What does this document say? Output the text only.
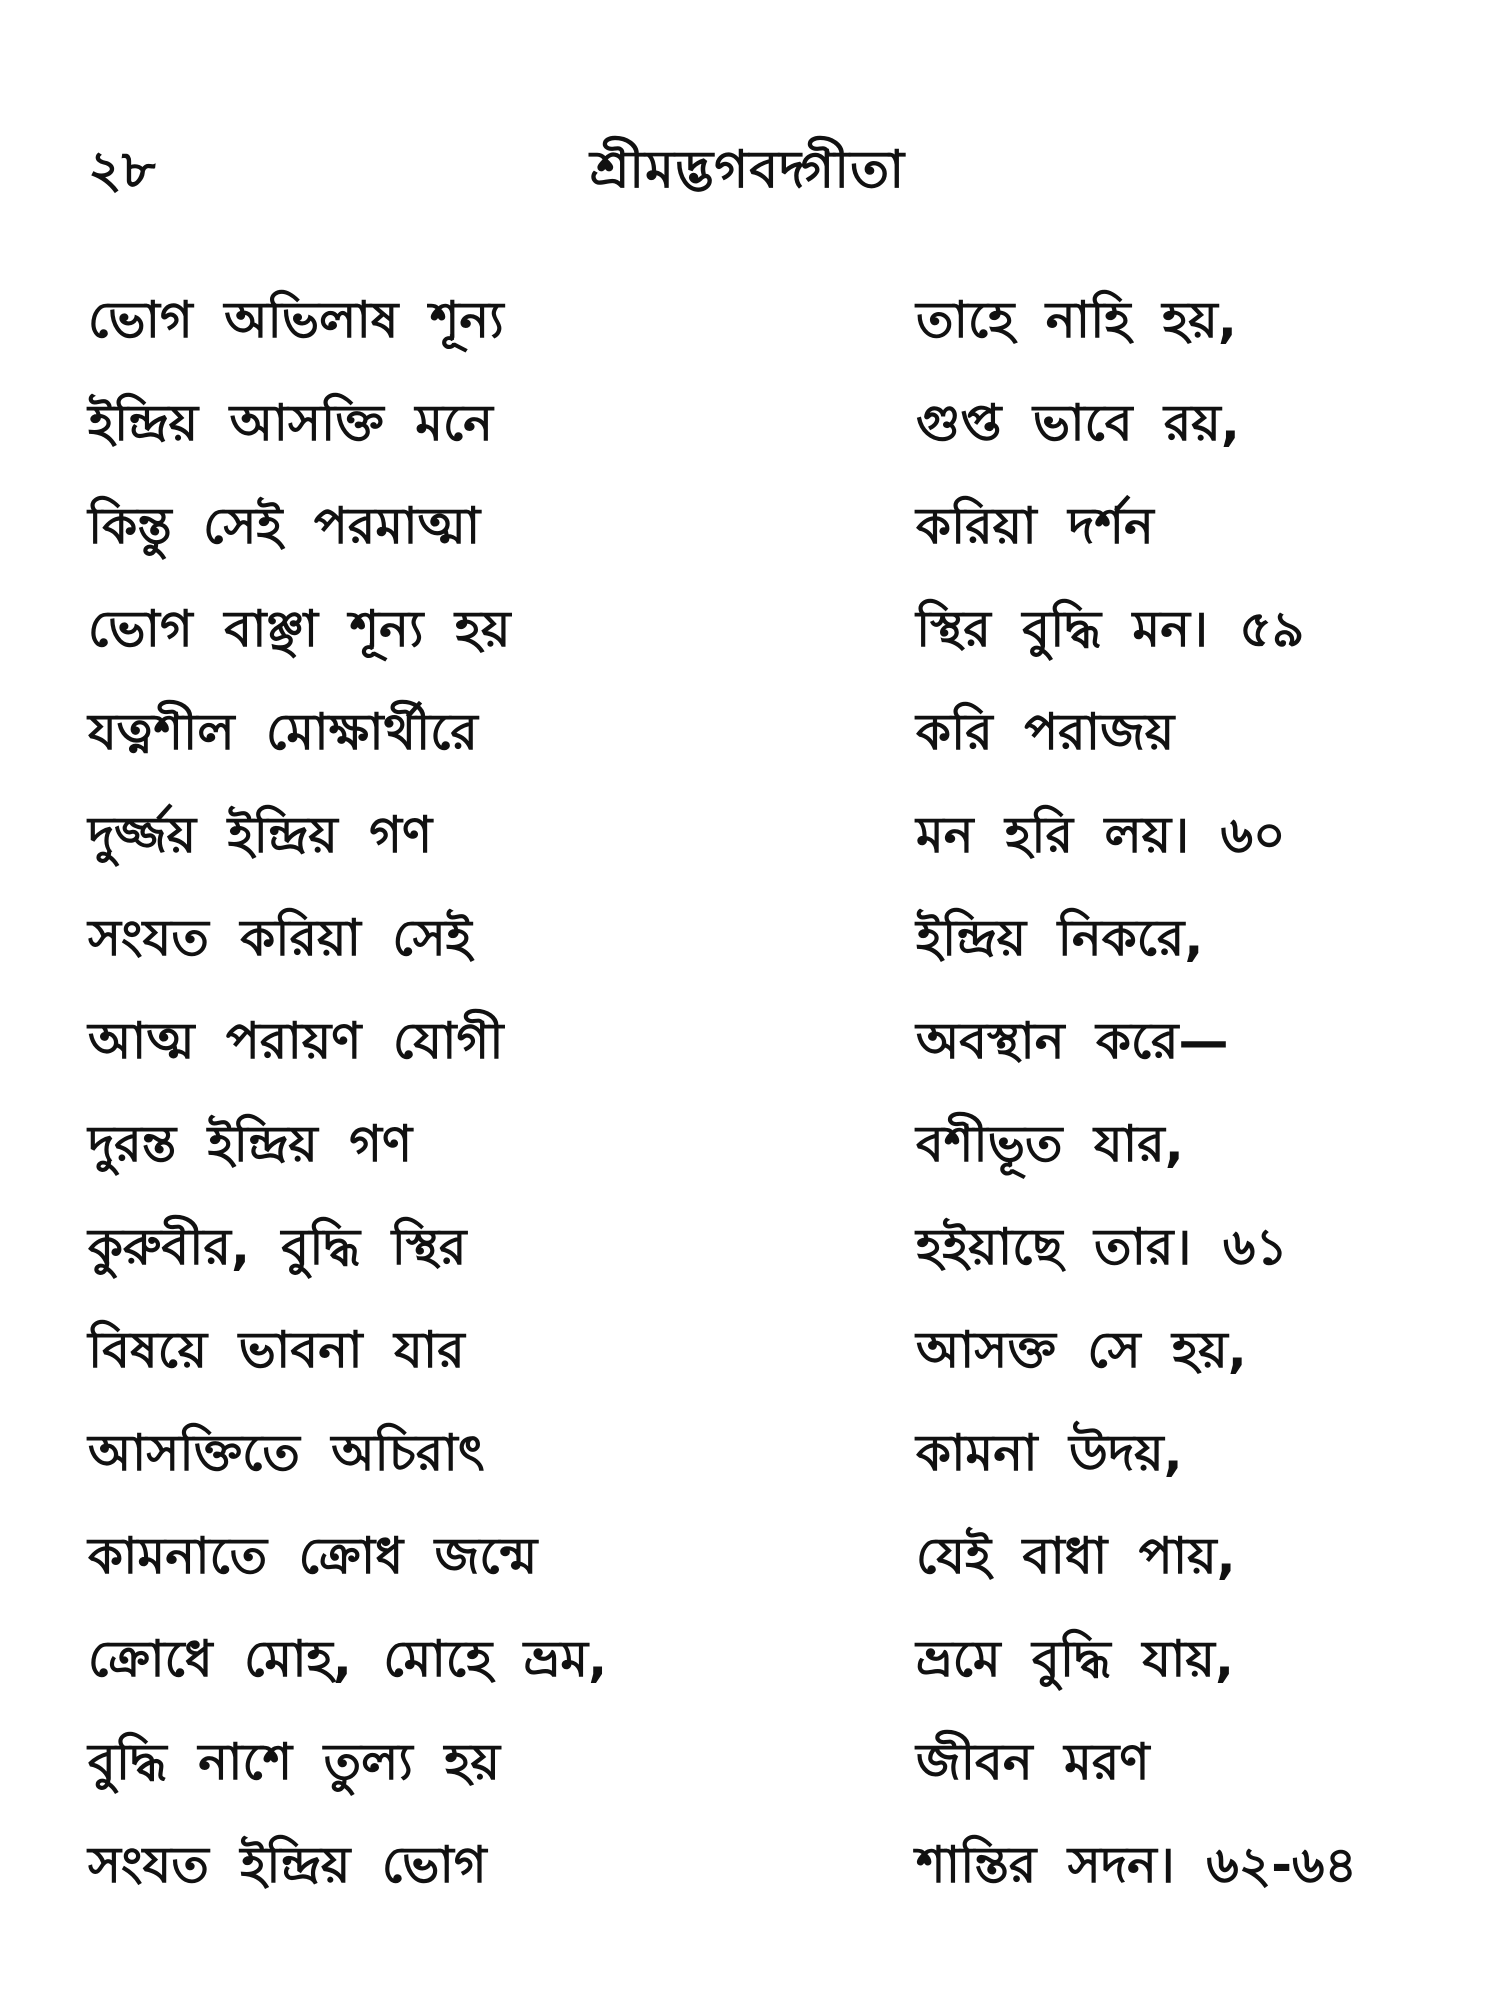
২৮	শ্রীমদ্ভগবদ্গীতা
ভোগ অভিলাষ শূন্য	তাহে নাহি হয়,
ইন্দ্রিয় আসক্তি মনে	গুপ্ত ভাবে রয়,
কিন্তু সেই পরমাত্মা	করিয়া দর্শন
ভোগ বাঞ্ছা শূন্য হয়	স্থির বুদ্ধি মন। ৫৯
যত্নশীল মোক্ষার্থীরে	করি পরাজয়
দুর্জ্জয় ইন্দ্রিয় গণ	মন হরি লয়। ৬০
সংযত করিয়া সেই	ইন্দ্রিয় নিকরে,
আত্ম পরায়ণ যোগী	অবস্থান করে—
দুরন্ত ইন্দ্রিয় গণ	বশীভূত যার,
কুরুবীর, বুদ্ধি স্থির	হইয়াছে তার। ৬১
বিষয়ে ভাবনা যার	আসক্ত সে হয়,
আসক্তিতে অচিরাৎ	কামনা উদয়,
কামনাতে ক্রোধ জন্মে	যেই বাধা পায়,
ক্রোধে মোহ, মোহে ভ্রম,	ভ্রমে বুদ্ধি যায়,
বুদ্ধি নাশে তুল্য হয়	জীবন মরণ
সংযত ইন্দ্রিয় ভোগ	শান্তির সদন। ৬২-৬৪
